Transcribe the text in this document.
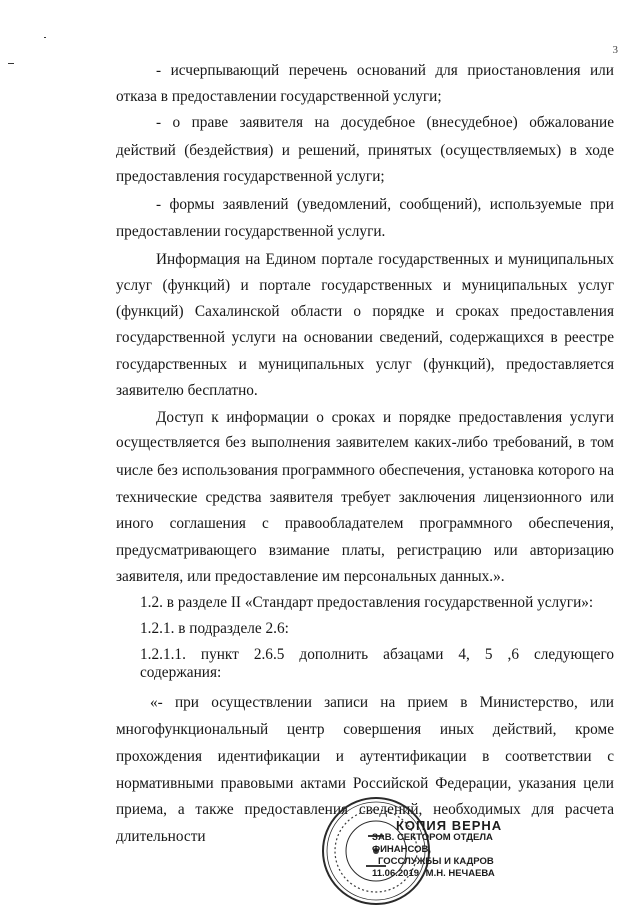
3
- исчерпывающий перечень оснований для приостановления или
отказа в предоставлении государственной услуги;
- о праве заявителя на досудебное (внесудебное) обжалование
действий (бездействия) и решений, принятых (осуществляемых) в ходе
предоставления государственной услуги;
- формы заявлений (уведомлений, сообщений), используемые при
предоставлении государственной услуги.
Информация на Едином портале государственных и муниципальных
услуг (функций) и портале государственных и муниципальных услуг
(функций) Сахалинской области о порядке и сроках предоставления
государственной услуги на основании сведений, содержащихся в реестре
государственных и муниципальных услуг (функций), предоставляется
заявителю бесплатно.
Доступ к информации о сроках и порядке предоставления услуги
осуществляется без выполнения заявителем каких-либо требований, в том
числе без использования программного обеспечения, установка которого на
технические средства заявителя требует заключения лицензионного или
иного соглашения с правообладателем программного обеспечения,
предусматривающего взимание платы, регистрацию или авторизацию
заявителя, или предоставление им персональных данных.».
1.2. в разделе II «Стандарт предоставления государственной услуги»:
1.2.1. в подразделе 2.6:
1.2.1.1. пункт 2.6.5 дополнить абзацами 4, 5 ,6 следующего
содержания:
«- при осуществлении записи на прием в Министерство, или
многофункциональный центр совершения иных действий, кроме
прохождения идентификации и аутентификации в соответствии с
нормативными правовыми актами Российской Федерации, указания цели
приема, а также предоставления сведений, необходимых для расчета
длительности
КОПИЯ ВЕРНА
ЗАВ. СЕКТОРОМ ОТДЕЛА ФИНАНСОВ,
ГОССЛУЖБЫ И КАДРОВ
11.06.2019 М.Н. НЕЧАЕВА
